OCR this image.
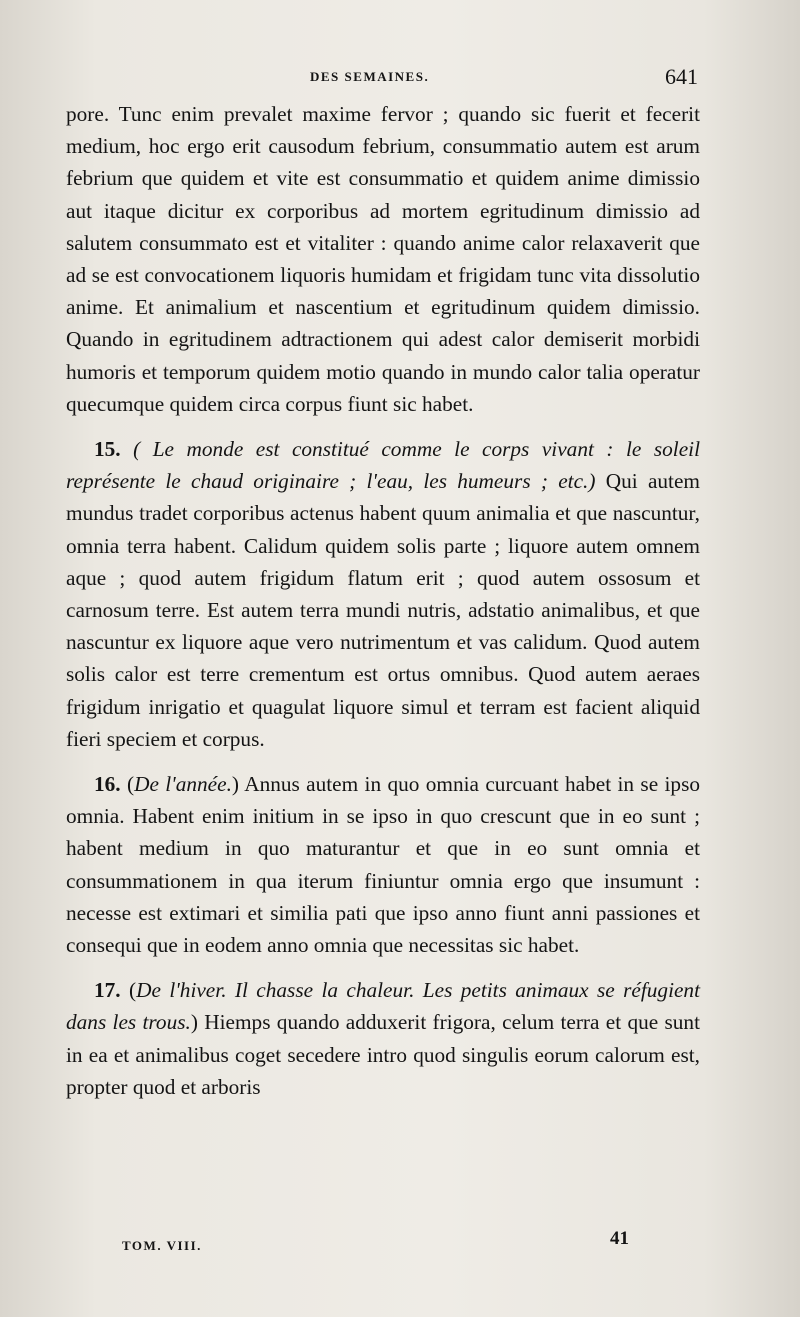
DES SEMAINES.	641

pore. Tunc enim prevalet maxime fervor ; quando sic fuerit et fecerit medium, hoc ergo erit causodum febrium, consummatio autem est arum febrium que quidem et vite est consummatio et quidem anime dimissio aut itaque dicitur ex corporibus ad mortem egritudinum dimissio ad salutem consummato est et vitaliter : quando anime calor relaxaverit que ad se est convocationem liquoris humidam et frigidam tunc vita dissolutio anime. Et animalium et nascentium et egritudinum quidem dimissio. Quando in egritudinem adtractionem qui adest calor demiserit morbidi humoris et temporum quidem motio quando in mundo calor talia operatur quecumque quidem circa corpus fiunt sic habet.

15. ( Le monde est constitué comme le corps vivant : le soleil représente le chaud originaire ; l'eau, les humeurs ; etc.) Qui autem mundus tradet corporibus actenus habent quum animalia et que nascuntur, omnia terra habent. Calidum quidem solis parte ; liquore autem omnem aque ; quod autem frigidum flatum erit ; quod autem ossosum et carnosum terre. Est autem terra mundi nutris, adstatio animalibus, et que nascuntur ex liquore aque vero nutrimentum et vas calidum. Quod autem solis calor est terre crementum est ortus omnibus. Quod autem aeraes frigidum inrigatio et quagulat liquore simul et terram est facient aliquid fieri speciem et corpus.

16. (De l'année.) Annus autem in quo omnia curcuant habet in se ipso omnia. Habent enim initium in se ipso in quo crescunt que in eo sunt ; habent medium in quo maturantur et que in eo sunt omnia et consummationem in qua iterum finiuntur omnia ergo que insumunt : necesse est extimari et similia pati que ipso anno fiunt anni passiones et consequi que in eodem anno omnia que necessitas sic habet.

17. (De l'hiver. Il chasse la chaleur. Les petits animaux se réfugient dans les trous.) Hiemps quando adduxerit frigora, celum terra et que sunt in ea et animalibus coget secedere intro quod singulis eorum calorum est, propter quod et arboris

TOM. VIII.	41
